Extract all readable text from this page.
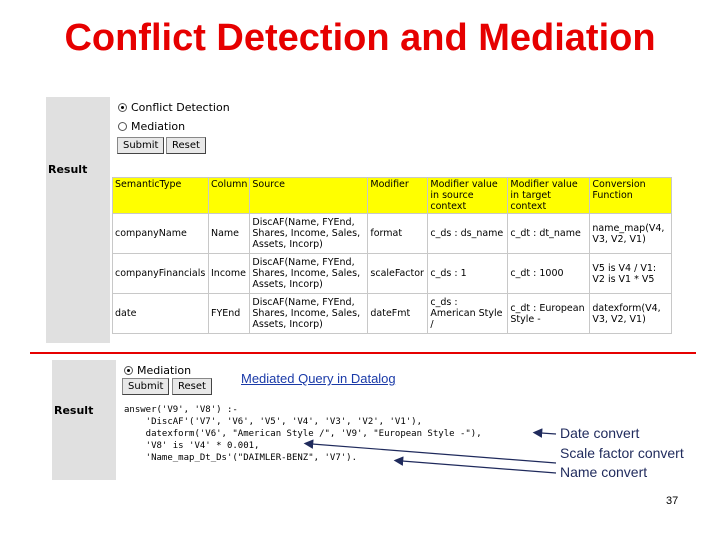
Conflict Detection and Mediation
Conflict Detection
Mediation
Submit	Reset
Result
SemanticType	Column	Source	Modifier	Modifier value in source context	Modifier value in target context	Conversion Function
companyName	Name	DiscAF(Name, FYEnd, Shares, Income, Sales, Assets, Incorp)	format	c_ds : ds_name	c_dt : dt_name	name_map(V4, V3, V2, V1)
companyFinancials	Income	DiscAF(Name, FYEnd, Shares, Income, Sales, Assets, Incorp)	scaleFactor	c_ds : 1	c_dt : 1000	V5 is V4 / V1: V2 is V1 * V5
date	FYEnd	DiscAF(Name, FYEnd, Shares, Income, Sales, Assets, Incorp)	dateFmt	c_ds : American Style /	c_dt : European Style -	datexform(V4, V3, V2, V1)
Mediation
Submit	Reset
Mediated Query in Datalog
Result	answer('V9', 'V8') :-
'DiscAF'('V7', 'V6', 'V5', 'V4', 'V3', 'V2', 'V1'),
datexform('V6', "American Style /", 'V9', "European Style -"),
'V8' is 'V4' * 0.001,
'Name_map_Dt_Ds'("DAIMLER-BENZ", 'V7').
Date convert
Scale factor convert
Name convert
37
